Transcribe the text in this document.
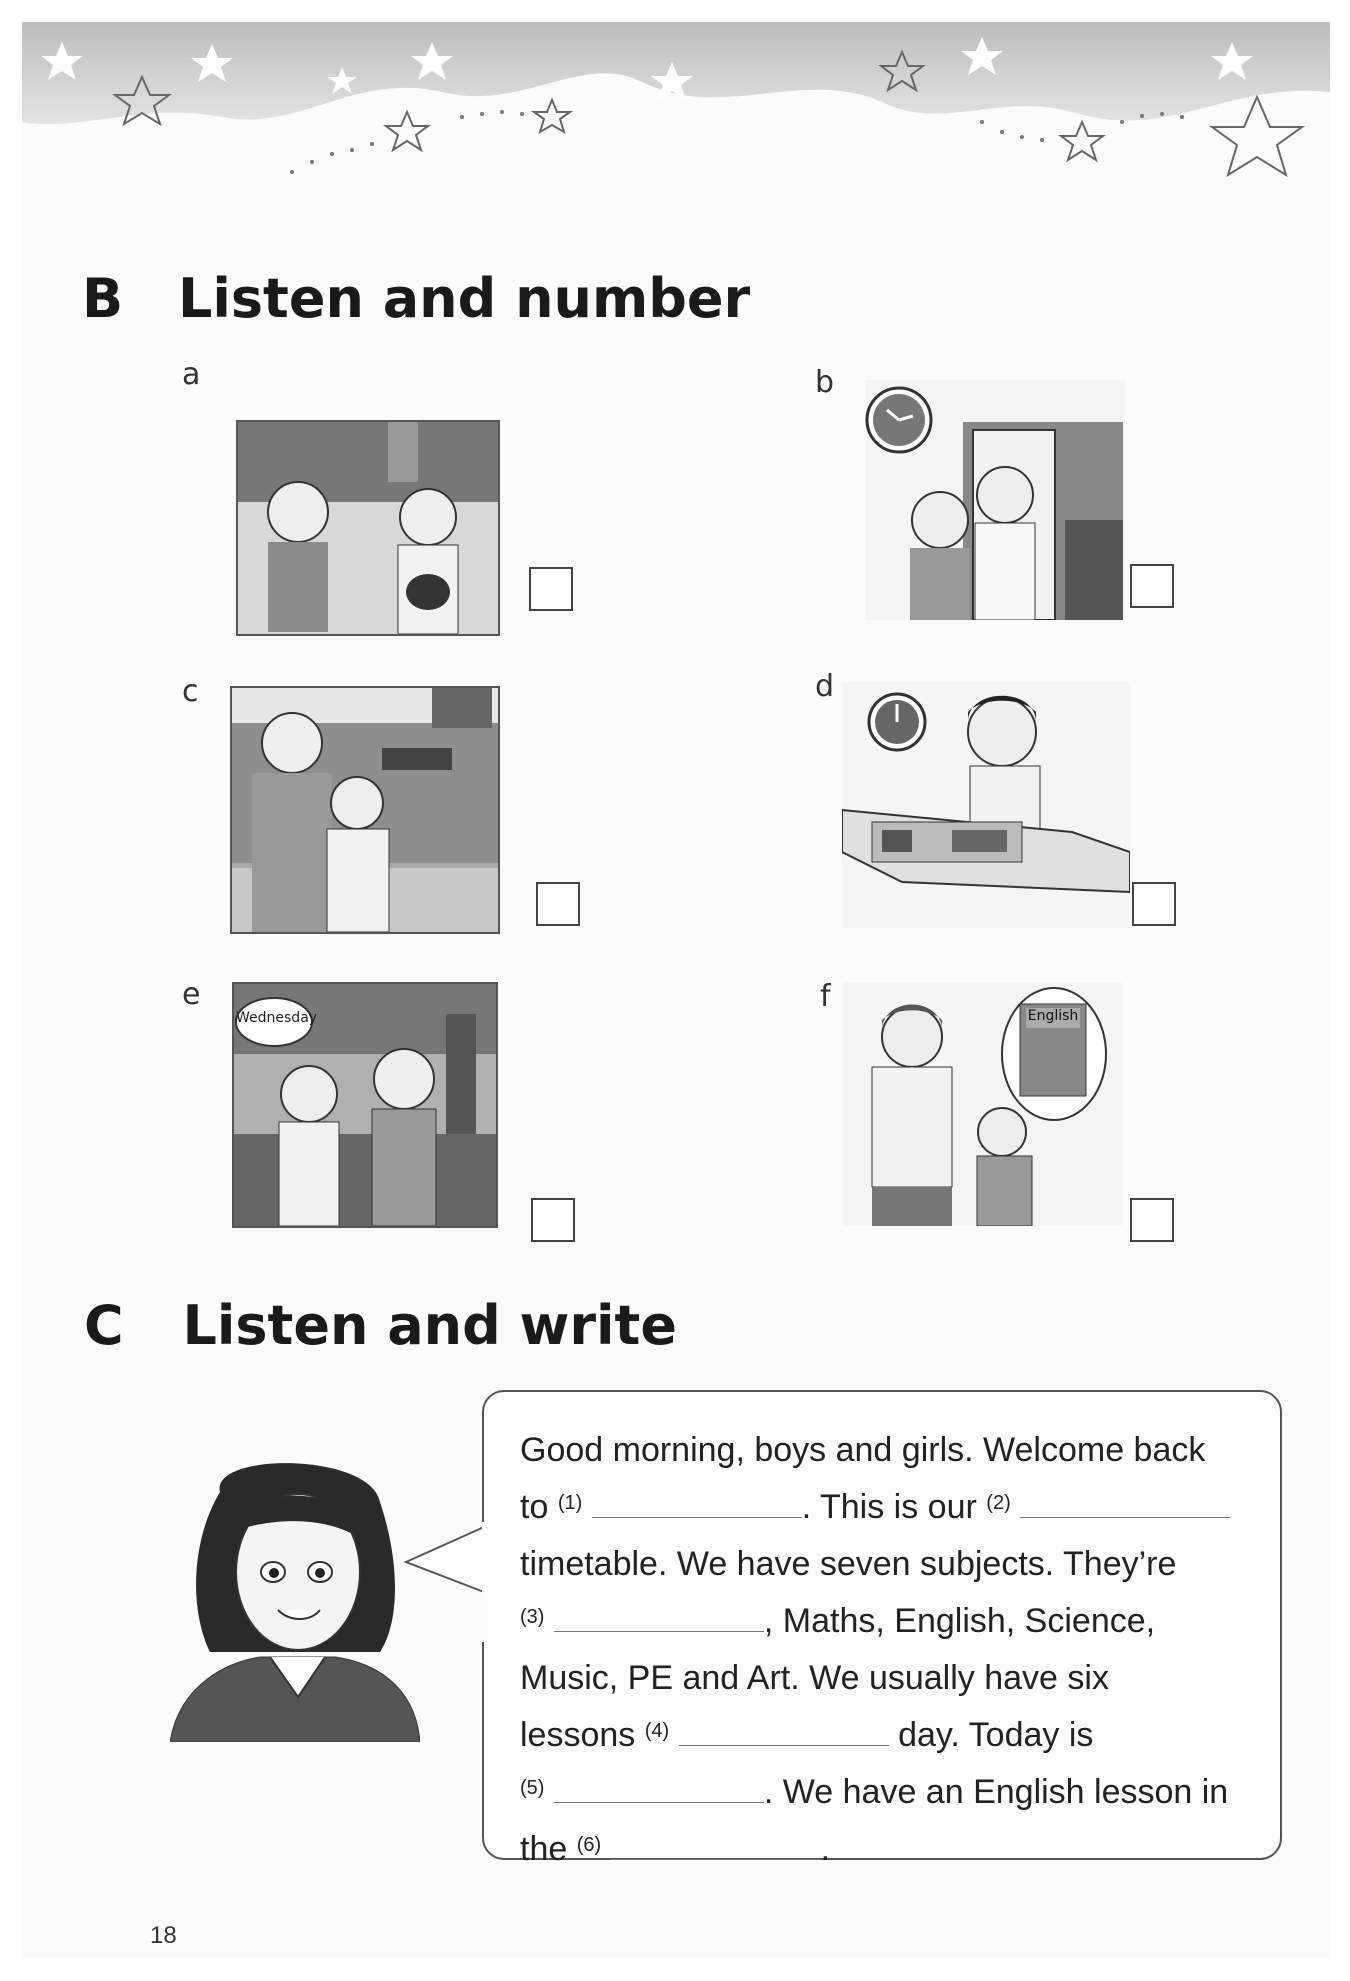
B Listen and number
a	b
c	d
e
Wednesday
f
English
C Listen and write
Good morning, boys and girls. Welcome back
to $^{(1)}$	. This is our $^{(2)}$
timetable. We have seven subjects. They’re
$^{(3)}$	, Maths, English, Science,
Music, PE and Art. We usually have six
lessons $^{(4)}$	day. Today is
$^{(5)}$	. We have an English lesson in
the $^{(6)}$	.
18
